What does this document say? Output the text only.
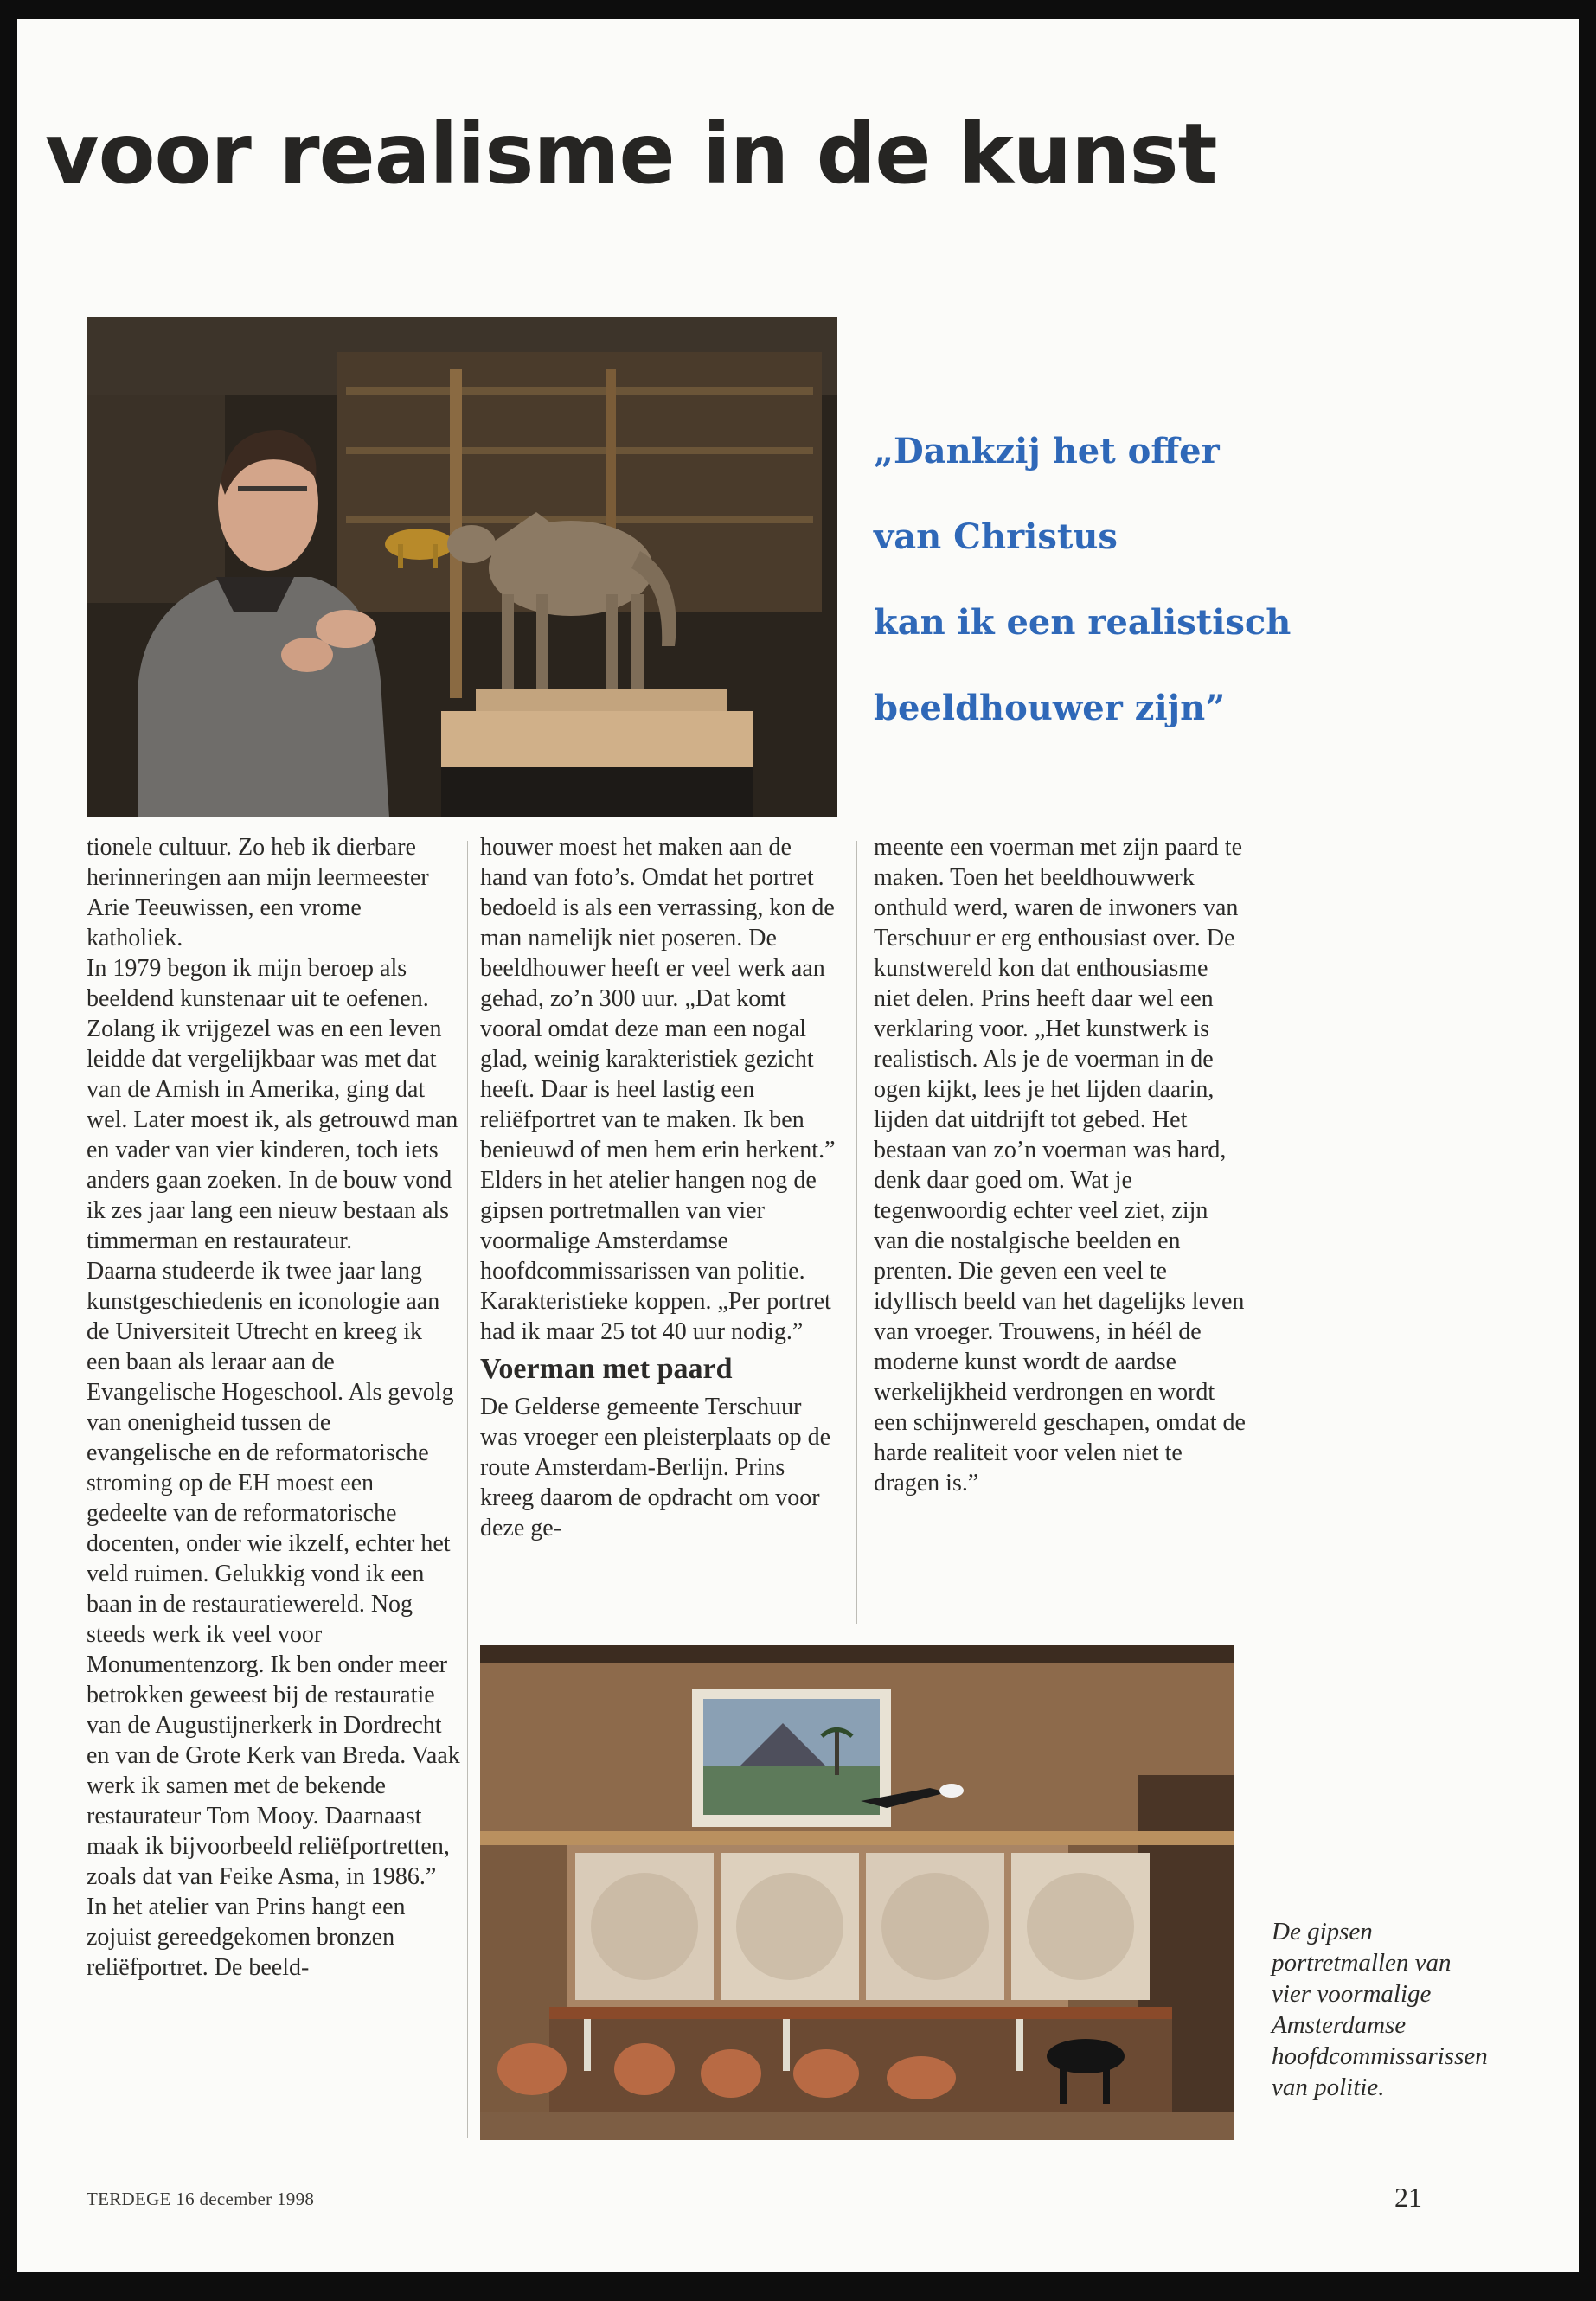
voor realisme in de kunst
„Dankzij het offer
van Christus
kan ik een realistisch
beeldhouwer zijn”

tionele cultuur. Zo heb ik dierbare herinneringen aan mijn leermeester Arie Teeuwissen, een vrome katholiek.

In 1979 begon ik mijn beroep als beeldend kunstenaar uit te oefenen. Zolang ik vrijgezel was en een leven leidde dat vergelijkbaar was met dat van de Amish in Amerika, ging dat wel. Later moest ik, als getrouwd man en vader van vier kinderen, toch iets anders gaan zoeken. In de bouw vond ik zes jaar lang een nieuw bestaan als timmerman en restaurateur.

Daarna studeerde ik twee jaar lang kunstgeschiedenis en iconologie aan de Universiteit Utrecht en kreeg ik een baan als leraar aan de Evangelische Hogeschool. Als gevolg van onenigheid tussen de evangelische en de reformatorische stroming op de EH moest een gedeelte van de reformatorische docenten, onder wie ikzelf, echter het veld ruimen. Gelukkig vond ik een baan in de restauratiewereld. Nog steeds werk ik veel voor Monumentenzorg. Ik ben onder meer betrokken geweest bij de restauratie van de Augustijnerkerk in Dordrecht en van de Grote Kerk van Breda. Vaak werk ik samen met de bekende restaurateur Tom Mooy. Daarnaast maak ik bijvoorbeeld reliëfportretten, zoals dat van Feike Asma, in 1986.”

In het atelier van Prins hangt een zojuist gereedgekomen bronzen reliëfportret. De beeld-

houwer moest het maken aan de hand van foto’s. Omdat het portret bedoeld is als een verrassing, kon de man namelijk niet poseren. De beeldhouwer heeft er veel werk aan gehad, zo’n 300 uur. „Dat komt vooral omdat deze man een nogal glad, weinig karakteristiek gezicht heeft. Daar is heel lastig een reliëfportret van te maken. Ik ben benieuwd of men hem erin herkent.” Elders in het atelier hangen nog de gipsen portretmallen van vier voormalige Amsterdamse hoofdcommissarissen van politie. Karakteristieke koppen. „Per portret had ik maar 25 tot 40 uur nodig.”

Voerman met paard

De Gelderse gemeente Terschuur was vroeger een pleisterplaats op de route Amsterdam-Berlijn. Prins kreeg daarom de opdracht om voor deze ge-

meente een voerman met zijn paard te maken. Toen het beeldhouwwerk onthuld werd, waren de inwoners van Terschuur er erg enthousiast over. De kunstwereld kon dat enthousiasme niet delen. Prins heeft daar wel een verklaring voor. „Het kunstwerk is realistisch. Als je de voerman in de ogen kijkt, lees je het lijden daarin, lijden dat uitdrijft tot gebed. Het bestaan van zo’n voerman was hard, denk daar goed om. Wat je tegenwoordig echter veel ziet, zijn van die nostalgische beelden en prenten. Die geven een veel te idyllisch beeld van het dagelijks leven van vroeger. Trouwens, in héél de moderne kunst wordt de aardse werkelijkheid verdrongen en wordt een schijnwereld geschapen, omdat de harde realiteit voor velen niet te dragen is.”

De gipsen portretmallen van vier voormalige Amsterdamse hoofdcommissarissen van politie.
TERDEGE 16 december 1998	21
